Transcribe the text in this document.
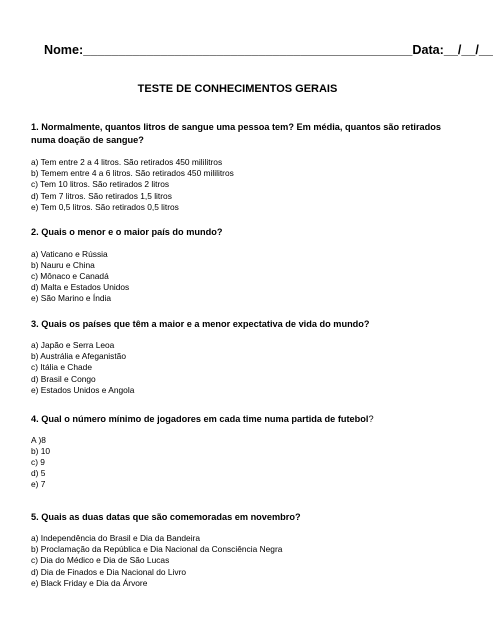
Nome:_______________________________________________Data:__/__/__
TESTE DE CONHECIMENTOS GERAIS
1. Normalmente, quantos litros de sangue uma pessoa tem? Em média, quantos são retirados numa doação de sangue?
a) Tem entre 2 a 4 litros. São retirados 450 mililitros
b) Temem entre 4 a 6 litros. São retirados 450 mililitros
c) Tem 10 litros. São retirados 2 litros
d) Tem 7 litros. São retirados 1,5 litros
e) Tem 0,5 litros. São retirados 0,5 litros
2. Quais o menor e o maior país do mundo?
a) Vaticano e Rússia
b) Nauru e China
c) Mônaco e Canadá
d) Malta e Estados Unidos
e) São Marino e Índia
3. Quais os países que têm a maior e a menor expectativa de vida do mundo?
a) Japão e Serra Leoa
b) Austrália e Afeganistão
c) Itália e Chade
d) Brasil e Congo
e) Estados Unidos e Angola
4. Qual o número mínimo de jogadores em cada time numa partida de futebol?
A )8
b) 10
c) 9
d) 5
e) 7
5. Quais as duas datas que são comemoradas em novembro?
a) Independência do Brasil e Dia da Bandeira
b) Proclamação da República e Dia Nacional da Consciência Negra
c) Dia do Médico e Dia de São Lucas
d) Dia de Finados e Dia Nacional do Livro
e) Black Friday e Dia da Árvore
